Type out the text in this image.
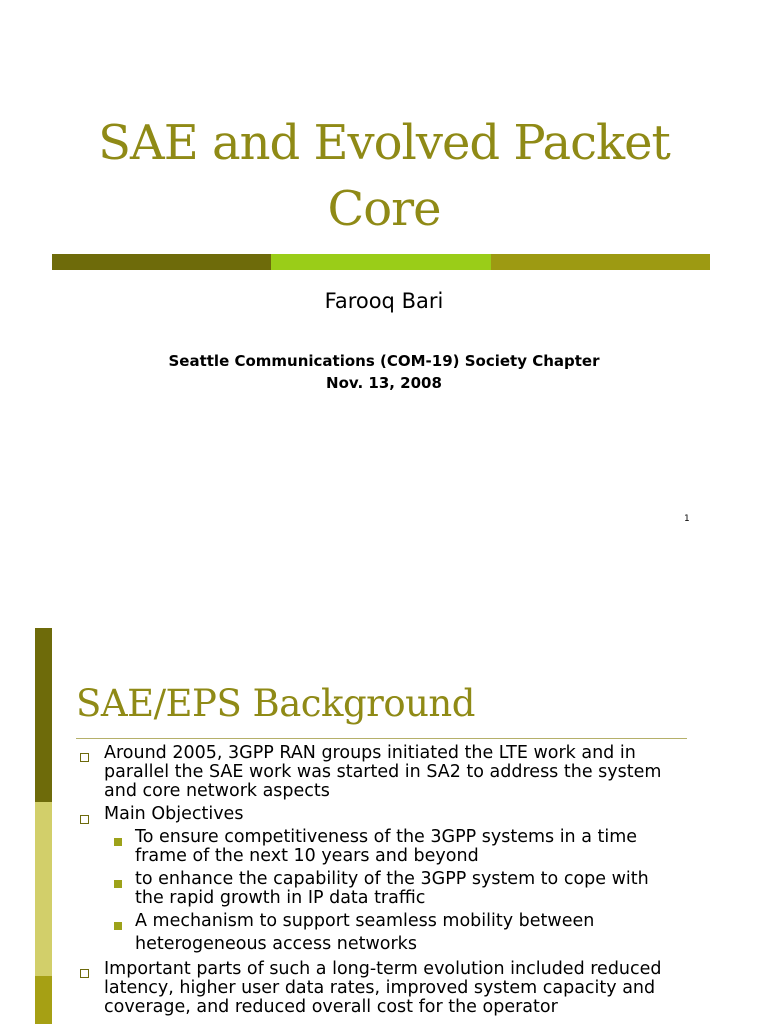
SAE and Evolved Packet
Core
Farooq Bari
Seattle Communications (COM-19) Society Chapter
Nov. 13, 2008
1
SAE/EPS Background
Around 2005, 3GPP RAN groups initiated the LTE work and in
parallel the SAE work was started in SA2 to address the system
and core network aspects
Main Objectives
To ensure competitiveness of the 3GPP systems in a time
frame of the next 10 years and beyond
to enhance the capability of the 3GPP system to cope with
the rapid growth in IP data traffic
A mechanism to support seamless mobility between
heterogeneous access networks
Important parts of such a long-term evolution included reduced
latency, higher user data rates, improved system capacity and
coverage, and reduced overall cost for the operator
